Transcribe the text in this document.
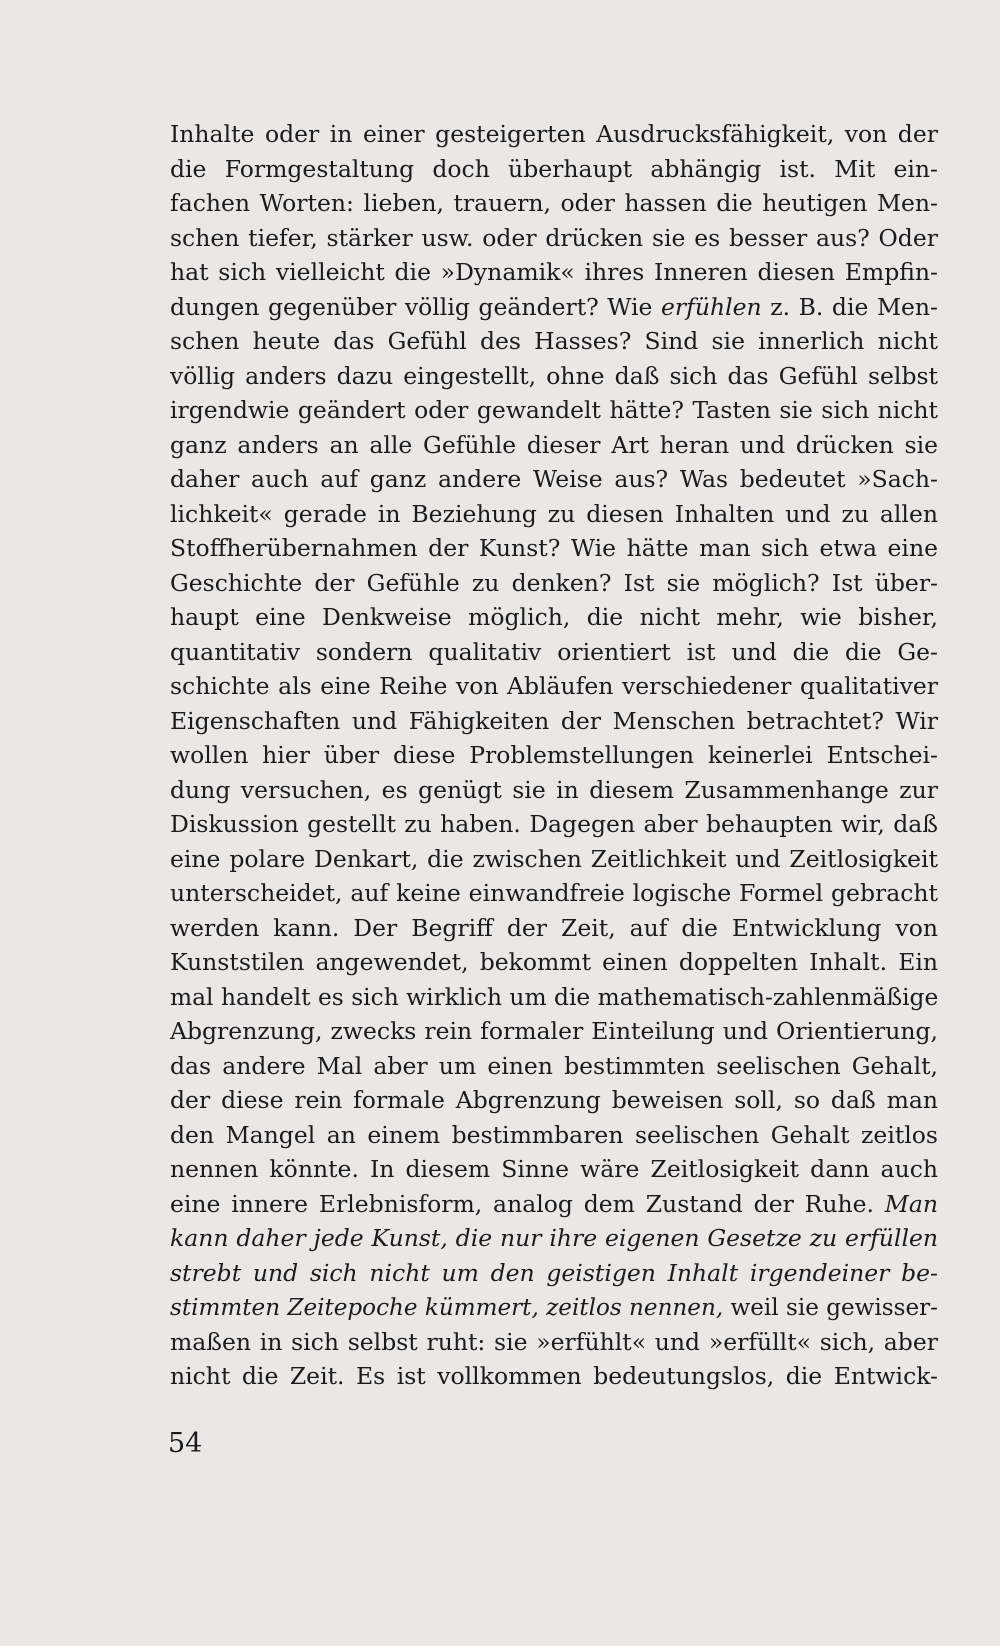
Inhalte oder in einer gesteigerten Ausdrucksfähigkeit, von der
die Formgestaltung doch überhaupt abhängig ist. Mit ein-
fachen Worten: lieben, trauern, oder hassen die heutigen Men-
schen tiefer, stärker usw. oder drücken sie es besser aus? Oder
hat sich vielleicht die »Dynamik« ihres Inneren diesen Empfin-
dungen gegenüber völlig geändert? Wie erfühlen z. B. die Men-
schen heute das Gefühl des Hasses? Sind sie innerlich nicht
völlig anders dazu eingestellt, ohne daß sich das Gefühl selbst
irgendwie geändert oder gewandelt hätte? Tasten sie sich nicht
ganz anders an alle Gefühle dieser Art heran und drücken sie
daher auch auf ganz andere Weise aus? Was bedeutet »Sach-
lichkeit« gerade in Beziehung zu diesen Inhalten und zu allen
Stoffherübernahmen der Kunst? Wie hätte man sich etwa eine
Geschichte der Gefühle zu denken? Ist sie möglich? Ist über-
haupt eine Denkweise möglich, die nicht mehr, wie bisher,
quantitativ sondern qualitativ orientiert ist und die die Ge-
schichte als eine Reihe von Abläufen verschiedener qualitativer
Eigenschaften und Fähigkeiten der Menschen betrachtet? Wir
wollen hier über diese Problemstellungen keinerlei Entschei-
dung versuchen, es genügt sie in diesem Zusammenhange zur
Diskussion gestellt zu haben. Dagegen aber behaupten wir, daß
eine polare Denkart, die zwischen Zeitlichkeit und Zeitlosigkeit
unterscheidet, auf keine einwandfreie logische Formel gebracht
werden kann. Der Begriff der Zeit, auf die Entwicklung von
Kunststilen angewendet, bekommt einen doppelten Inhalt. Ein
mal handelt es sich wirklich um die mathematisch-zahlenmäßige
Abgrenzung, zwecks rein formaler Einteilung und Orientierung,
das andere Mal aber um einen bestimmten seelischen Gehalt,
der diese rein formale Abgrenzung beweisen soll, so daß man
den Mangel an einem bestimmbaren seelischen Gehalt zeitlos
nennen könnte. In diesem Sinne wäre Zeitlosigkeit dann auch
eine innere Erlebnisform, analog dem Zustand der Ruhe. Man
kann daher jede Kunst, die nur ihre eigenen Gesetze zu erfüllen
strebt und sich nicht um den geistigen Inhalt irgendeiner be-
stimmten Zeitepoche kümmert, zeitlos nennen, weil sie gewisser-
maßen in sich selbst ruht: sie »erfühlt« und »erfüllt« sich, aber
nicht die Zeit. Es ist vollkommen bedeutungslos, die Entwick-
54
